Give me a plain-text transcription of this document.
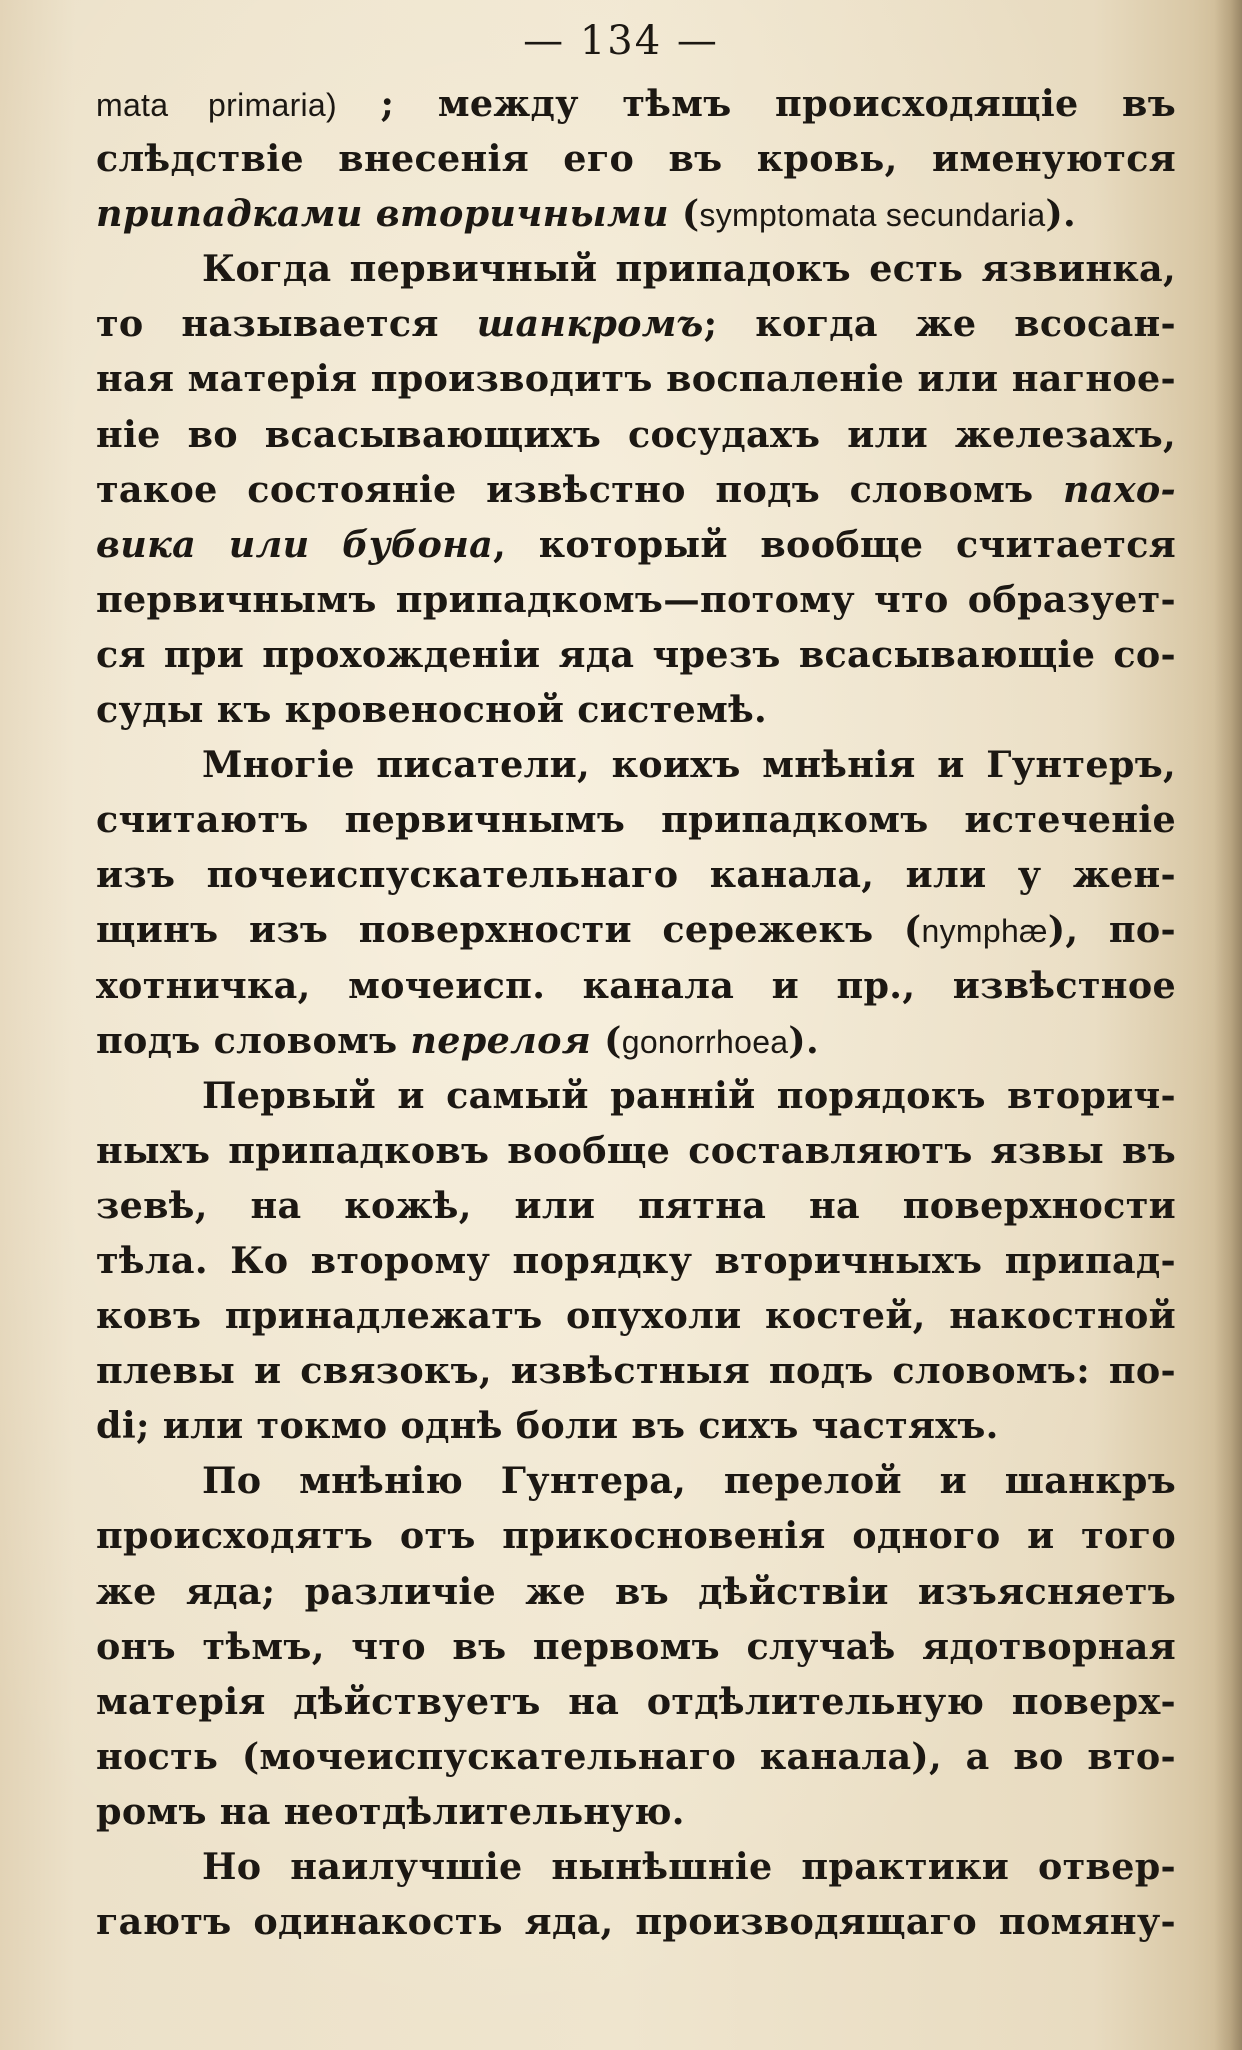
— 134 —
mata primaria) ; между тѣмъ происходящіе въ
слѣдствіе внесенія его въ кровь, именуются
припадками вторичными (symptomata secundaria).
Когда первичный припадокъ есть язвинка,
то называется шанкромъ; когда же всосан-
ная матерія производитъ воспаленіе или нагное-
ніе во всасывающихъ сосудахъ или железахъ,
такое состояніе извѣстно подъ словомъ пахо-
вика или бубона, который вообще считается
первичнымъ припадкомъ—потому что образует-
ся при прохожденіи яда чрезъ всасывающіе со-
суды къ кровеносной системѣ.
Многіе писатели, коихъ мнѣнія и Гунтеръ,
считаютъ первичнымъ припадкомъ истеченіе
изъ почеиспускательнаго канала, или у жен-
щинъ изъ поверхности сережекъ (nymphæ), по-
хотничка, мочеисп. канала и пр., извѣстное
подъ словомъ перелоя (gonorrhoea).
Первый и самый ранній порядокъ вторич-
ныхъ припадковъ вообще составляютъ язвы въ
зевѣ, на кожѣ, или пятна на поверхности
тѣла. Ко второму порядку вторичныхъ припад-
ковъ принадлежатъ опухоли костей, накостной
плевы и связокъ, извѣстныя подъ словомъ: по-
di; или токмо однѣ боли въ сихъ частяхъ.
По мнѣнію Гунтера, перелой и шанкръ
происходятъ отъ прикосновенія одного и того
же яда; различіе же въ дѣйствіи изъясняетъ
онъ тѣмъ, что въ первомъ случаѣ ядотворная
матерія дѣйствуетъ на отдѣлительную поверх-
ность (мочеиспускательнаго канала), а во вто-
ромъ на неотдѣлительную.
Но наилучшіе нынѣшніе практики отвер-
гаютъ одинакость яда, производящаго помяну-
